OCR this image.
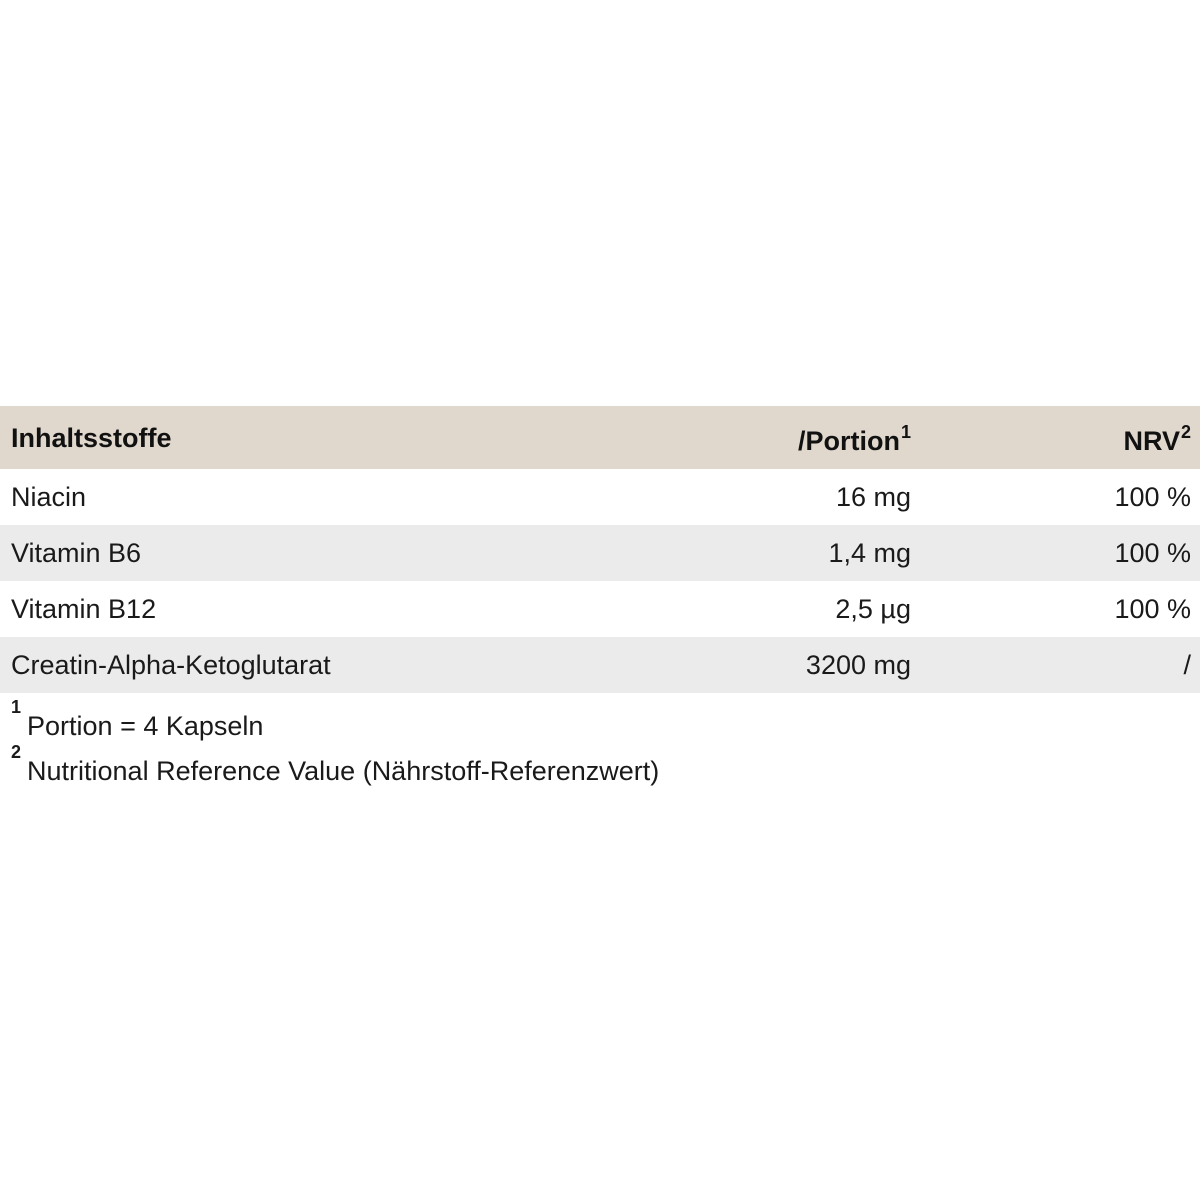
Inhaltsstoffe	/Portion$^1$	NRV$^2$
Niacin	16 mg	100 %
Vitamin B6	1,4 mg	100 %
Vitamin B12	2,5 µg	100 %
Creatin-Alpha-Ketoglutarat	3200 mg	/
$^1$Portion = 4 Kapseln
$^2$Nutritional Reference Value (Nährstoff-Referenzwert)
